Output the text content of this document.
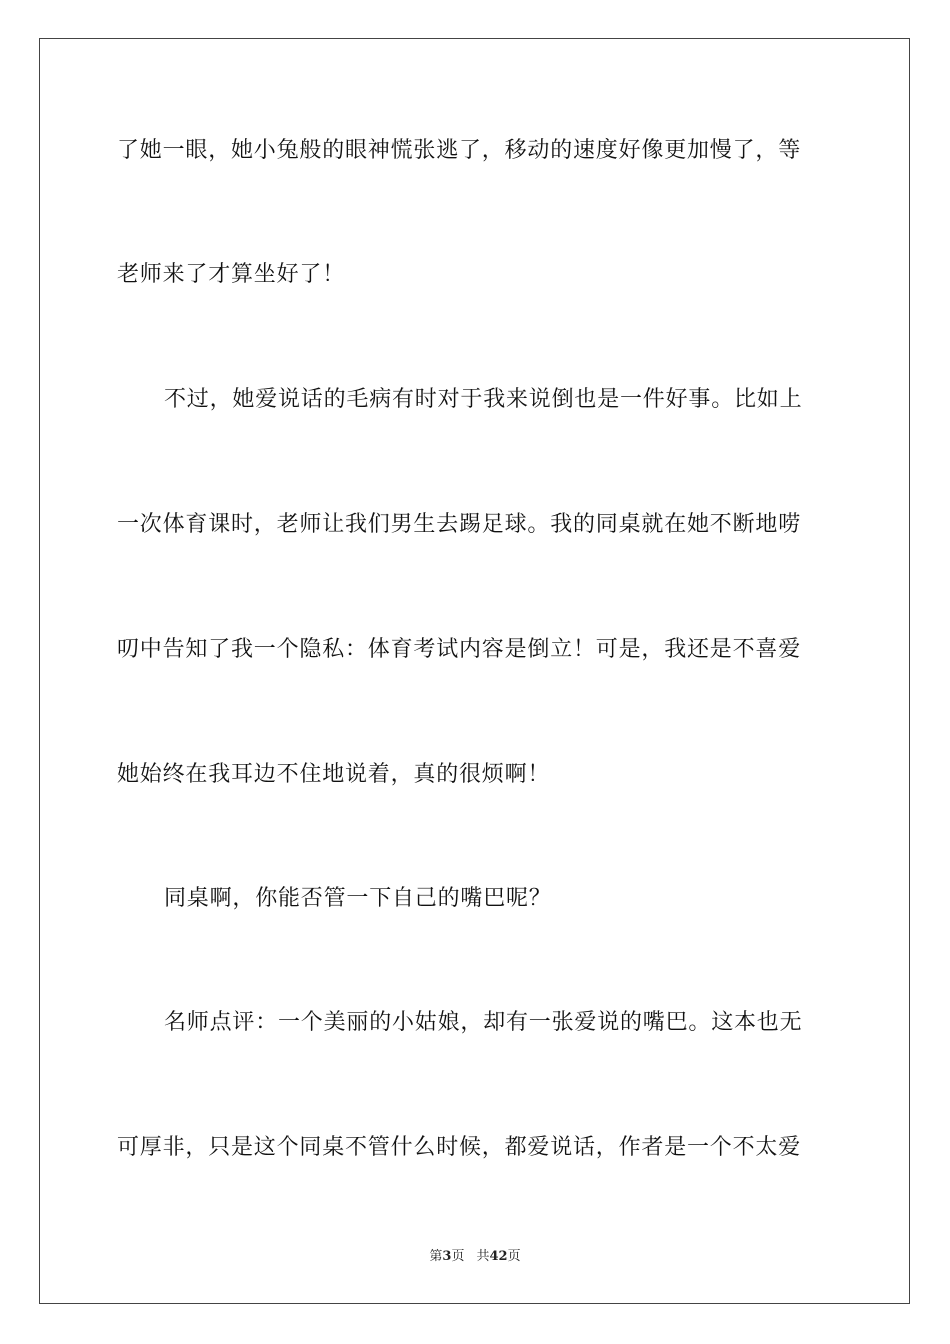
了她一眼，她小兔般的眼神慌张逃了，移动的速度好像更加慢了，等
老师来了才算坐好了！
不过，她爱说话的毛病有时对于我来说倒也是一件好事。比如上
一次体育课时，老师让我们男生去踢足球。我的同桌就在她不断地唠
叨中告知了我一个隐私：体育考试内容是倒立！可是，我还是不喜爱
她始终在我耳边不住地说着，真的很烦啊！
同桌啊，你能否管一下自己的嘴巴呢？
名师点评：一个美丽的小姑娘，却有一张爱说的嘴巴。这本也无
可厚非，只是这个同桌不管什么时候，都爱说话，作者是一个不太爱
第3页 共42页
